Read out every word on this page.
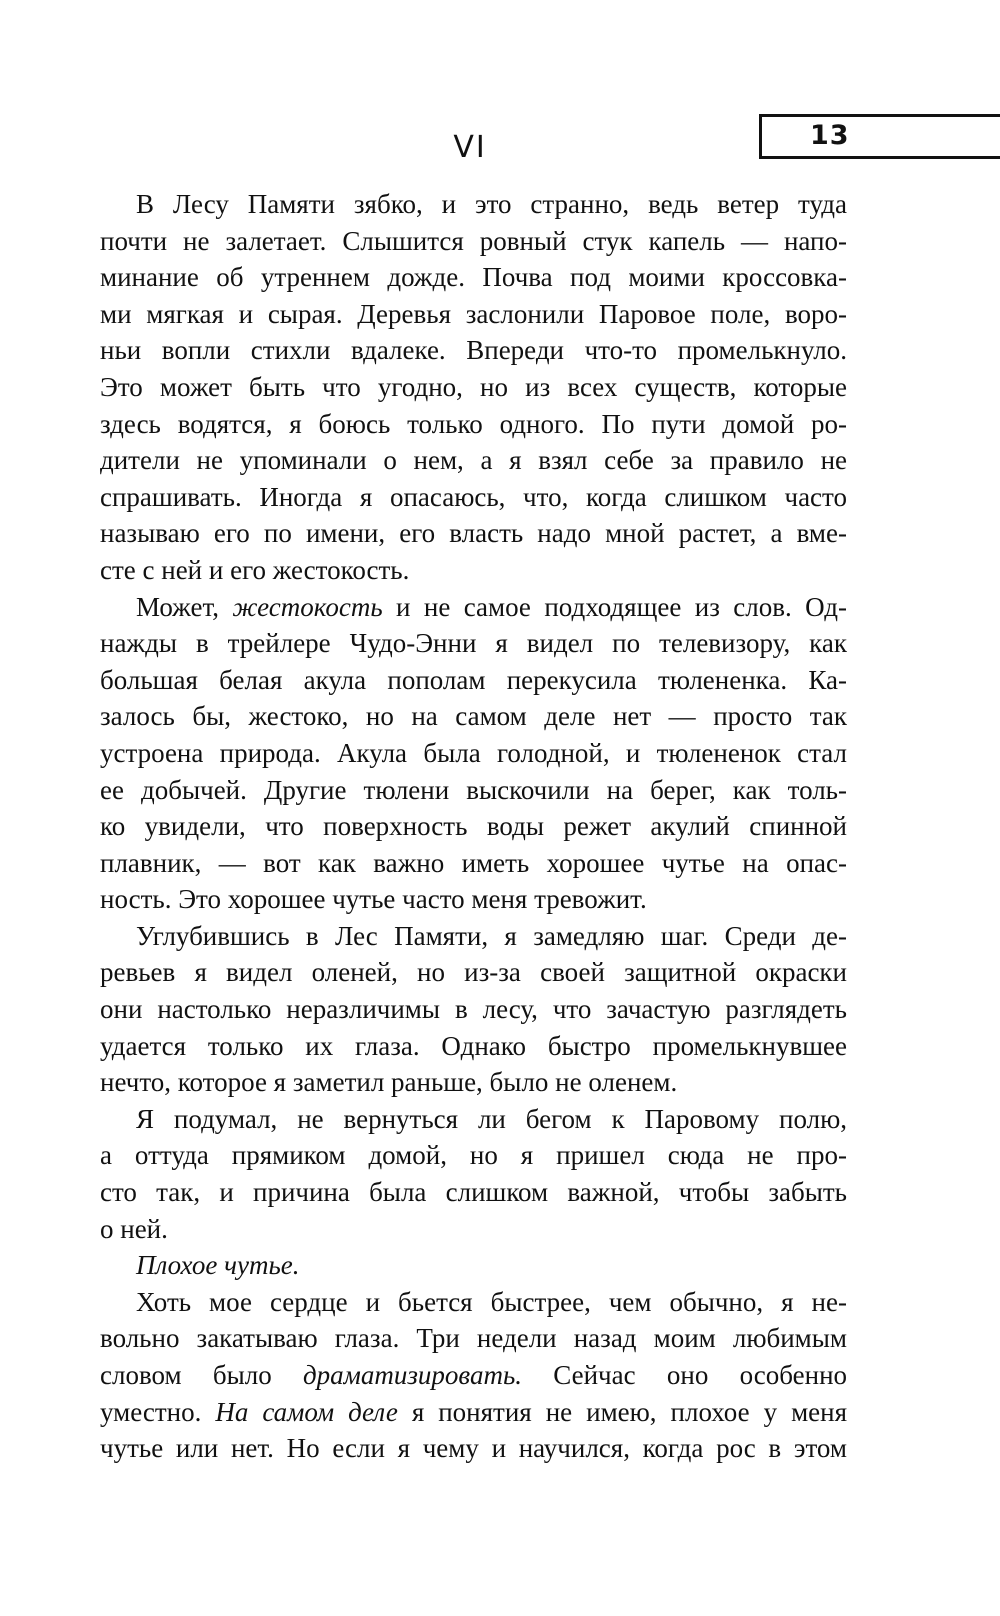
13
VI
В Лесу Памяти зябко, и это странно, ведь ветер туда
почти не залетает. Слышится ровный стук капель — напо-
минание об утреннем дожде. Почва под моими кроссовка-
ми мягкая и сырая. Деревья заслонили Паровое поле, воро-
ньи вопли стихли вдалеке. Впереди что-то промелькнуло.
Это может быть что угодно, но из всех существ, которые
здесь водятся, я боюсь только одного. По пути домой ро-
дители не упоминали о нем, а я взял себе за правило не
спрашивать. Иногда я опасаюсь, что, когда слишком часто
называю его по имени, его власть надо мной растет, а вме-
сте с ней и его жестокость.
Может, жестокость и не самое подходящее из слов. Од-
нажды в трейлере Чудо-Энни я видел по телевизору, как
большая белая акула пополам перекусила тюлененка. Ка-
залось бы, жестоко, но на самом деле нет — просто так
устроена природа. Акула была голодной, и тюлененок стал
ее добычей. Другие тюлени выскочили на берег, как толь-
ко увидели, что поверхность воды режет акулий спинной
плавник, — вот как важно иметь хорошее чутье на опас-
ность. Это хорошее чутье часто меня тревожит.
Углубившись в Лес Памяти, я замедляю шаг. Среди де-
ревьев я видел оленей, но из-за своей защитной окраски
они настолько неразличимы в лесу, что зачастую разглядеть
удается только их глаза. Однако быстро промелькнувшее
нечто, которое я заметил раньше, было не оленем.
Я подумал, не вернуться ли бегом к Паровому полю,
а оттуда прямиком домой, но я пришел сюда не про-
сто так, и причина была слишком важной, чтобы забыть
о ней.
Плохое чутье.
Хоть мое сердце и бьется быстрее, чем обычно, я не-
вольно закатываю глаза. Три недели назад моим любимым
словом было драматизировать. Сейчас оно особенно
уместно. На самом деле я понятия не имею, плохое у меня
чутье или нет. Но если я чему и научился, когда рос в этом
